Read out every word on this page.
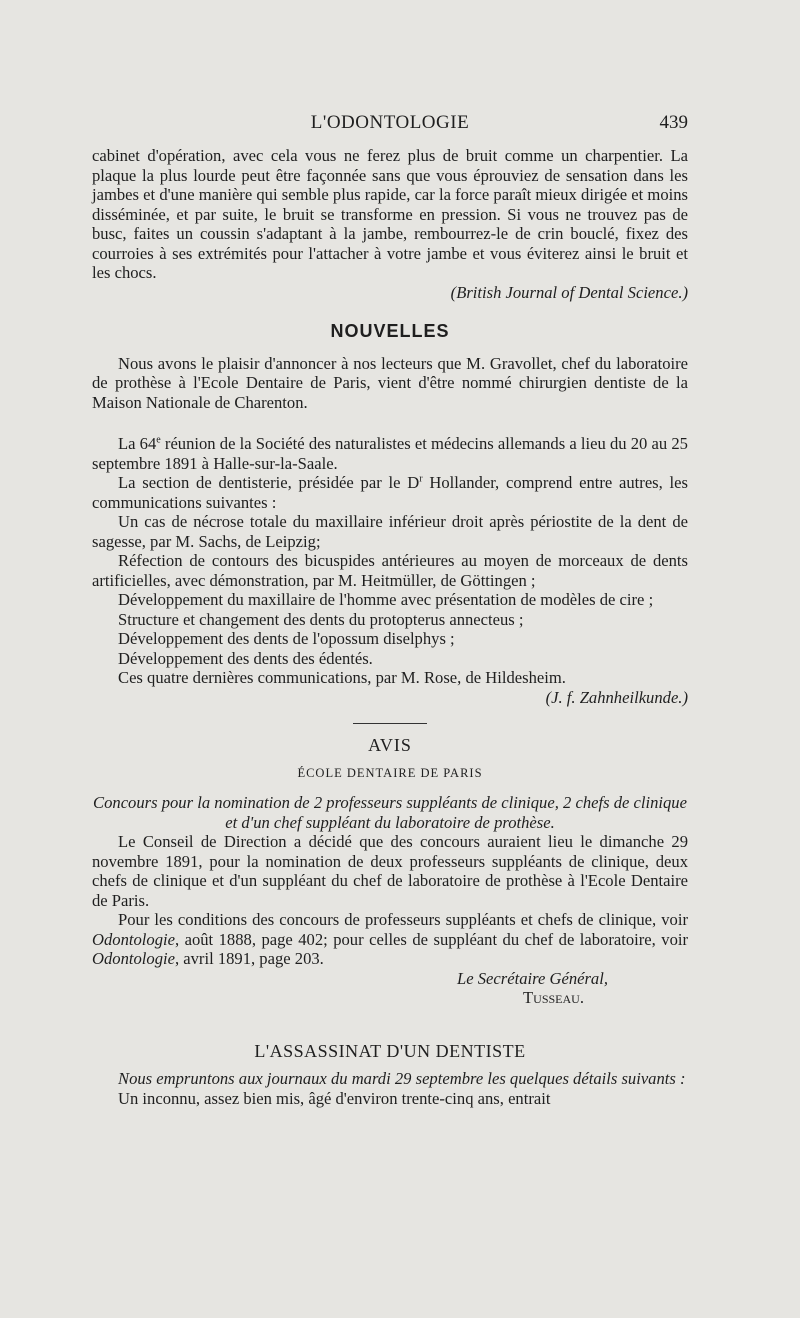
L'ODONTOLOGIE	439

cabinet d'opération, avec cela vous ne ferez plus de bruit comme un charpentier. La plaque la plus lourde peut être façonnée sans que vous éprouviez de sensation dans les jambes et d'une manière qui semble plus rapide, car la force paraît mieux dirigée et moins disséminée, et par suite, le bruit se transforme en pression. Si vous ne trouvez pas de busc, faites un coussin s'adaptant à la jambe, rembourrez-le de crin bouclé, fixez des courroies à ses extrémités pour l'attacher à votre jambe et vous éviterez ainsi le bruit et les chocs.

(British Journal of Dental Science.)

NOUVELLES

Nous avons le plaisir d'annoncer à nos lecteurs que M. Gravollet, chef du laboratoire de prothèse à l'Ecole Dentaire de Paris, vient d'être nommé chirurgien dentiste de la Maison Nationale de Charenton.

La 64e réunion de la Société des naturalistes et médecins allemands a lieu du 20 au 25 septembre 1891 à Halle-sur-la-Saale.

La section de dentisterie, présidée par le $D^r$ Hollander, comprend entre autres, les communications suivantes :

Un cas de nécrose totale du maxillaire inférieur droit après périostite de la dent de sagesse, par M. Sachs, de Leipzig;

Réfection de contours des bicuspides antérieures au moyen de morceaux de dents artificielles, avec démonstration, par M. Heitmüller, de Göttingen ;

Développement du maxillaire de l'homme avec présentation de modèles de cire ;

Structure et changement des dents du protopterus annecteus ;

Développement des dents de l'opossum diselphys ;

Développement des dents des édentés.

Ces quatre dernières communications, par M. Rose, de Hildesheim.

(J. f. Zahnheilkunde.)

AVIS
ÉCOLE DENTAIRE DE PARIS

Concours pour la nomination de 2 professeurs suppléants de clinique, 2 chefs de clinique et d'un chef suppléant du laboratoire de prothèse.

Le Conseil de Direction a décidé que des concours auraient lieu le dimanche 29 novembre 1891, pour la nomination de deux professeurs suppléants de clinique, deux chefs de clinique et d'un suppléant du chef de laboratoire de prothèse à l'Ecole Dentaire de Paris.

Pour les conditions des concours de professeurs suppléants et chefs de clinique, voir Odontologie, août 1888, page 402; pour celles de suppléant du chef de laboratoire, voir Odontologie, avril 1891, page 203.

Le Secrétaire Général,

Tusseau.

L'ASSASSINAT D'UN DENTISTE

Nous empruntons aux journaux du mardi 29 septembre les quelques détails suivants :

Un inconnu, assez bien mis, âgé d'environ trente-cinq ans, entrait
